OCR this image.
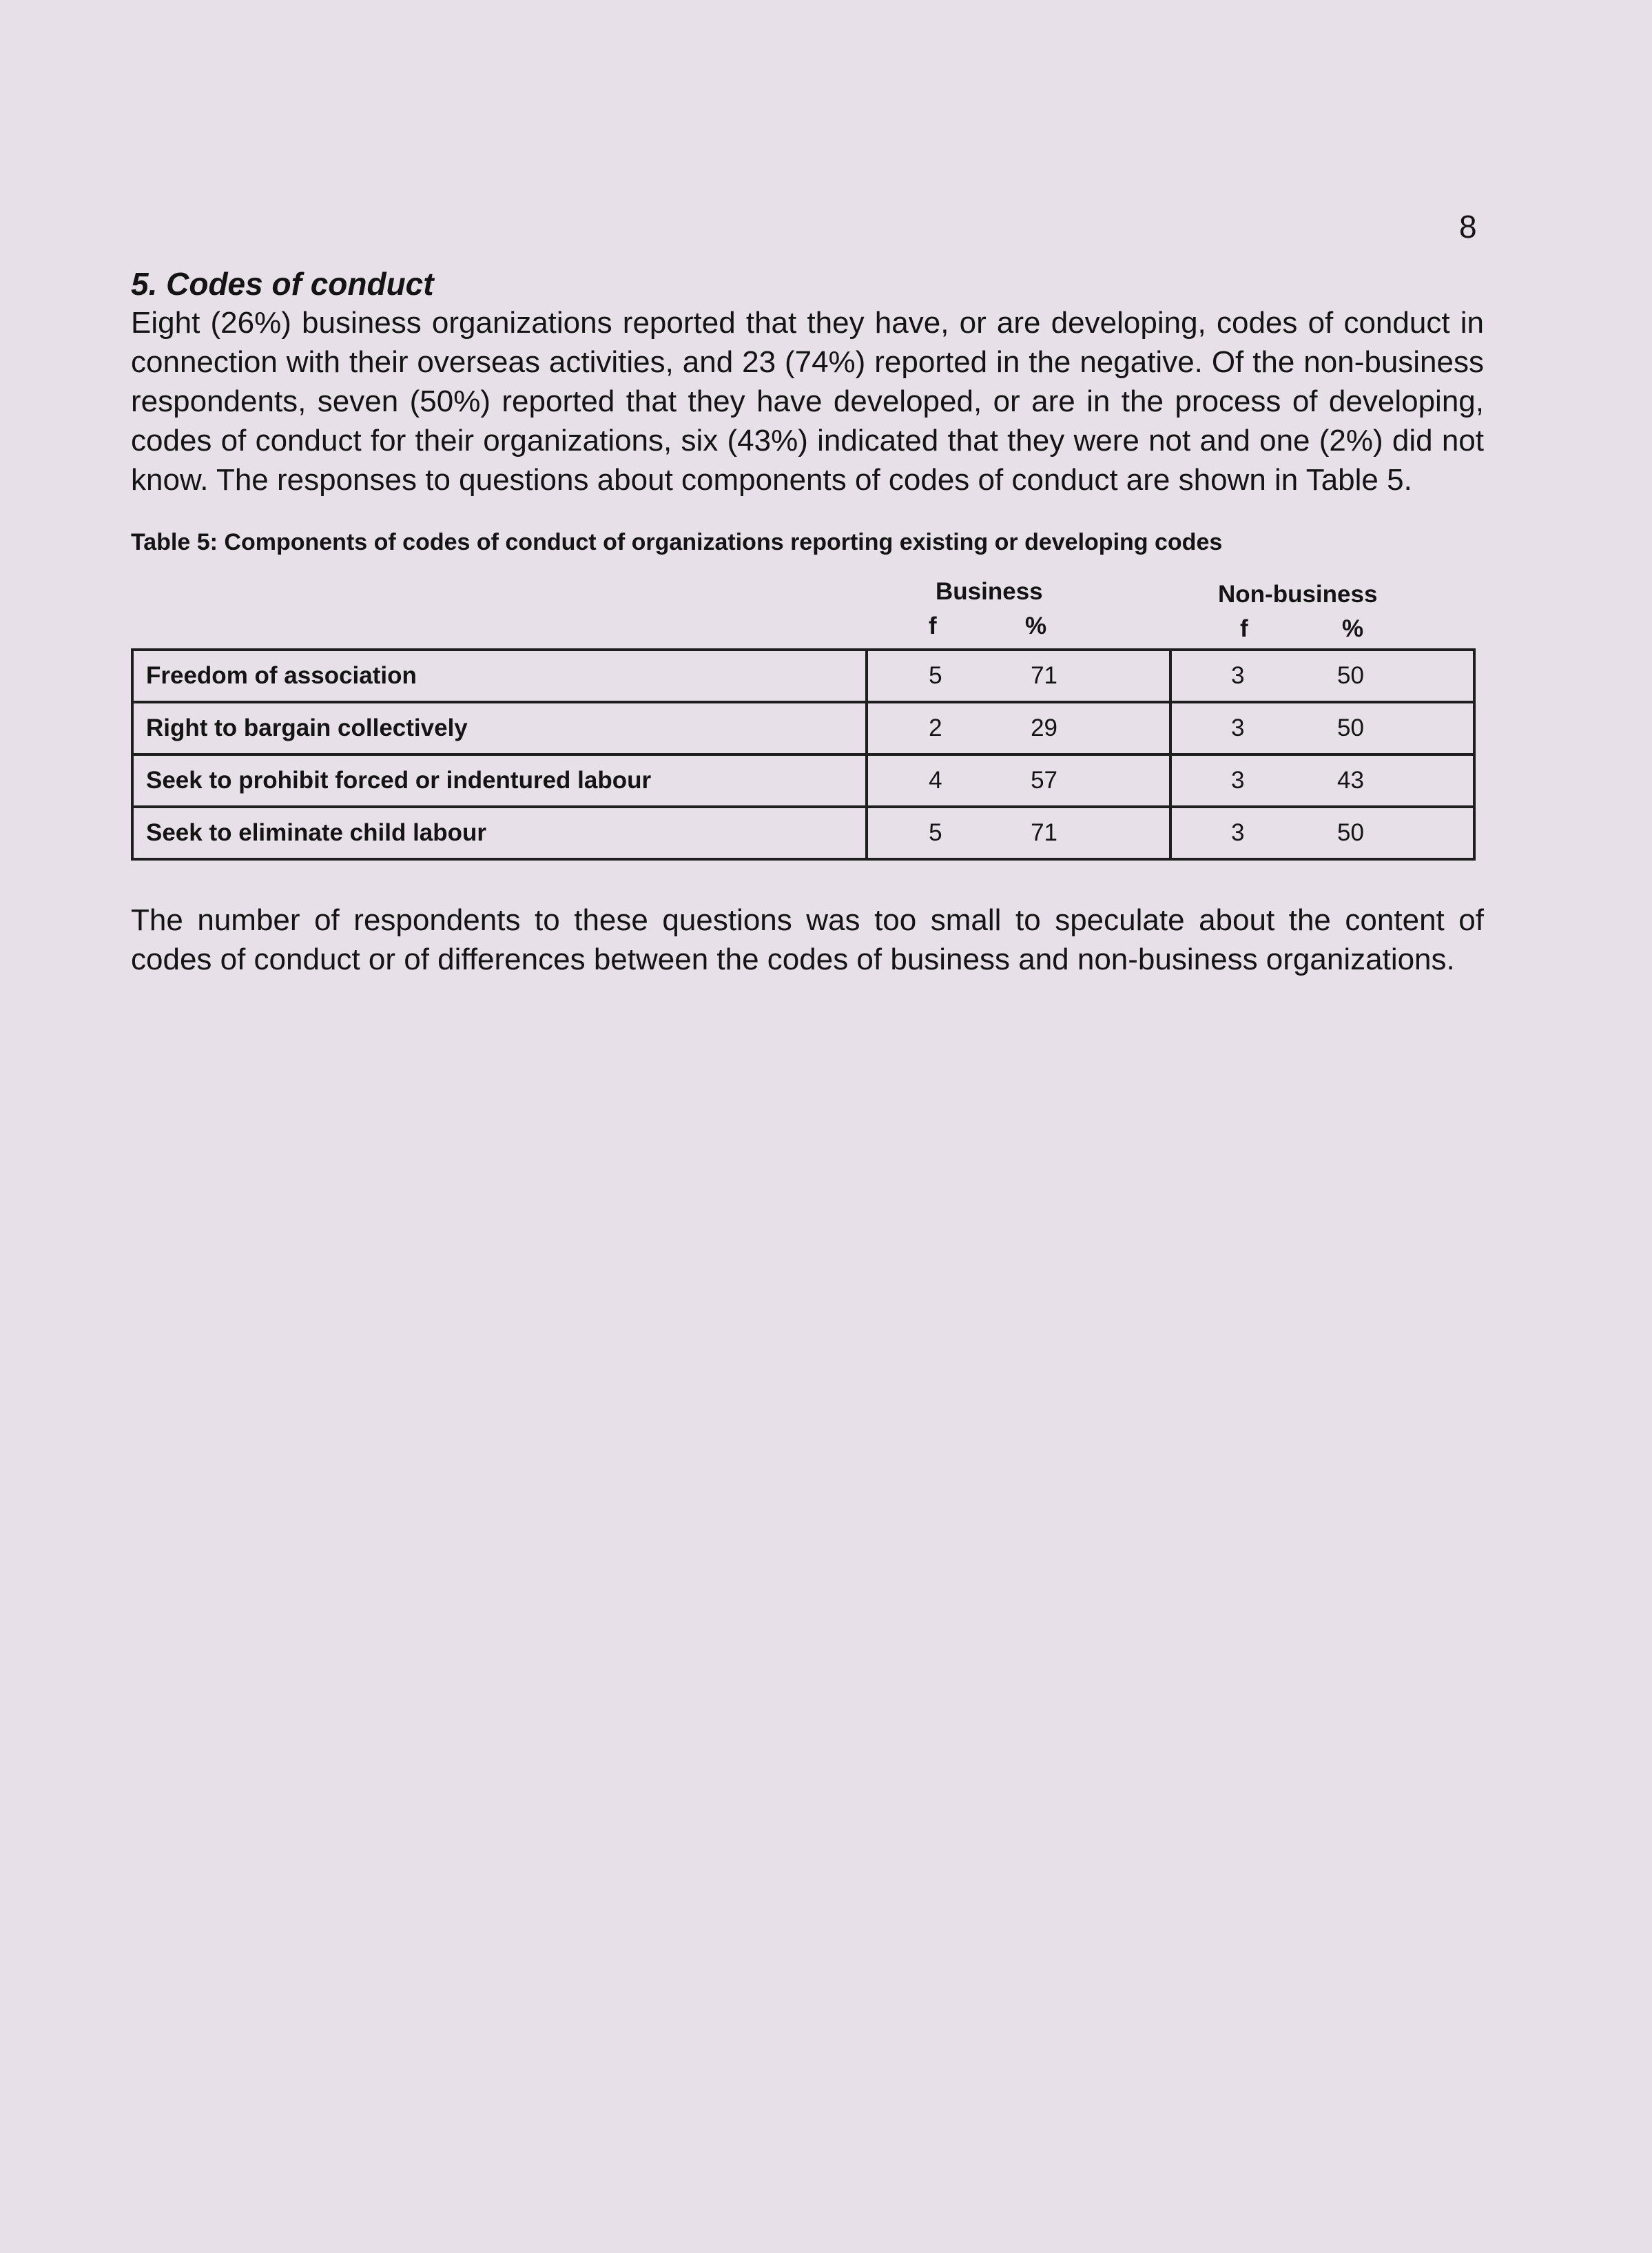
8
5. Codes of conduct

Eight (26%) business organizations reported that they have, or are developing, codes of conduct in connection with their overseas activities, and 23 (74%) reported in the negative. Of the non-business respondents, seven (50%) reported that they have developed, or are in the process of developing, codes of conduct for their organizations, six (43%) indicated that they were not and one (2%) did not know. The responses to questions about components of codes of conduct are shown in Table 5.

Table 5: Components of codes of conduct of organizations reporting existing or developing codes
Business	Non-business
f	%	f	%
Freedom of association	5 71	3 50

Right to bargain collectively	2 29	3 50

Seek to prohibit forced or indentured labour	4 57	3 43

Seek to eliminate child labour	5 71	3 50

The number of respondents to these questions was too small to speculate about the content of codes of conduct or of differences between the codes of business and non-business organizations.
